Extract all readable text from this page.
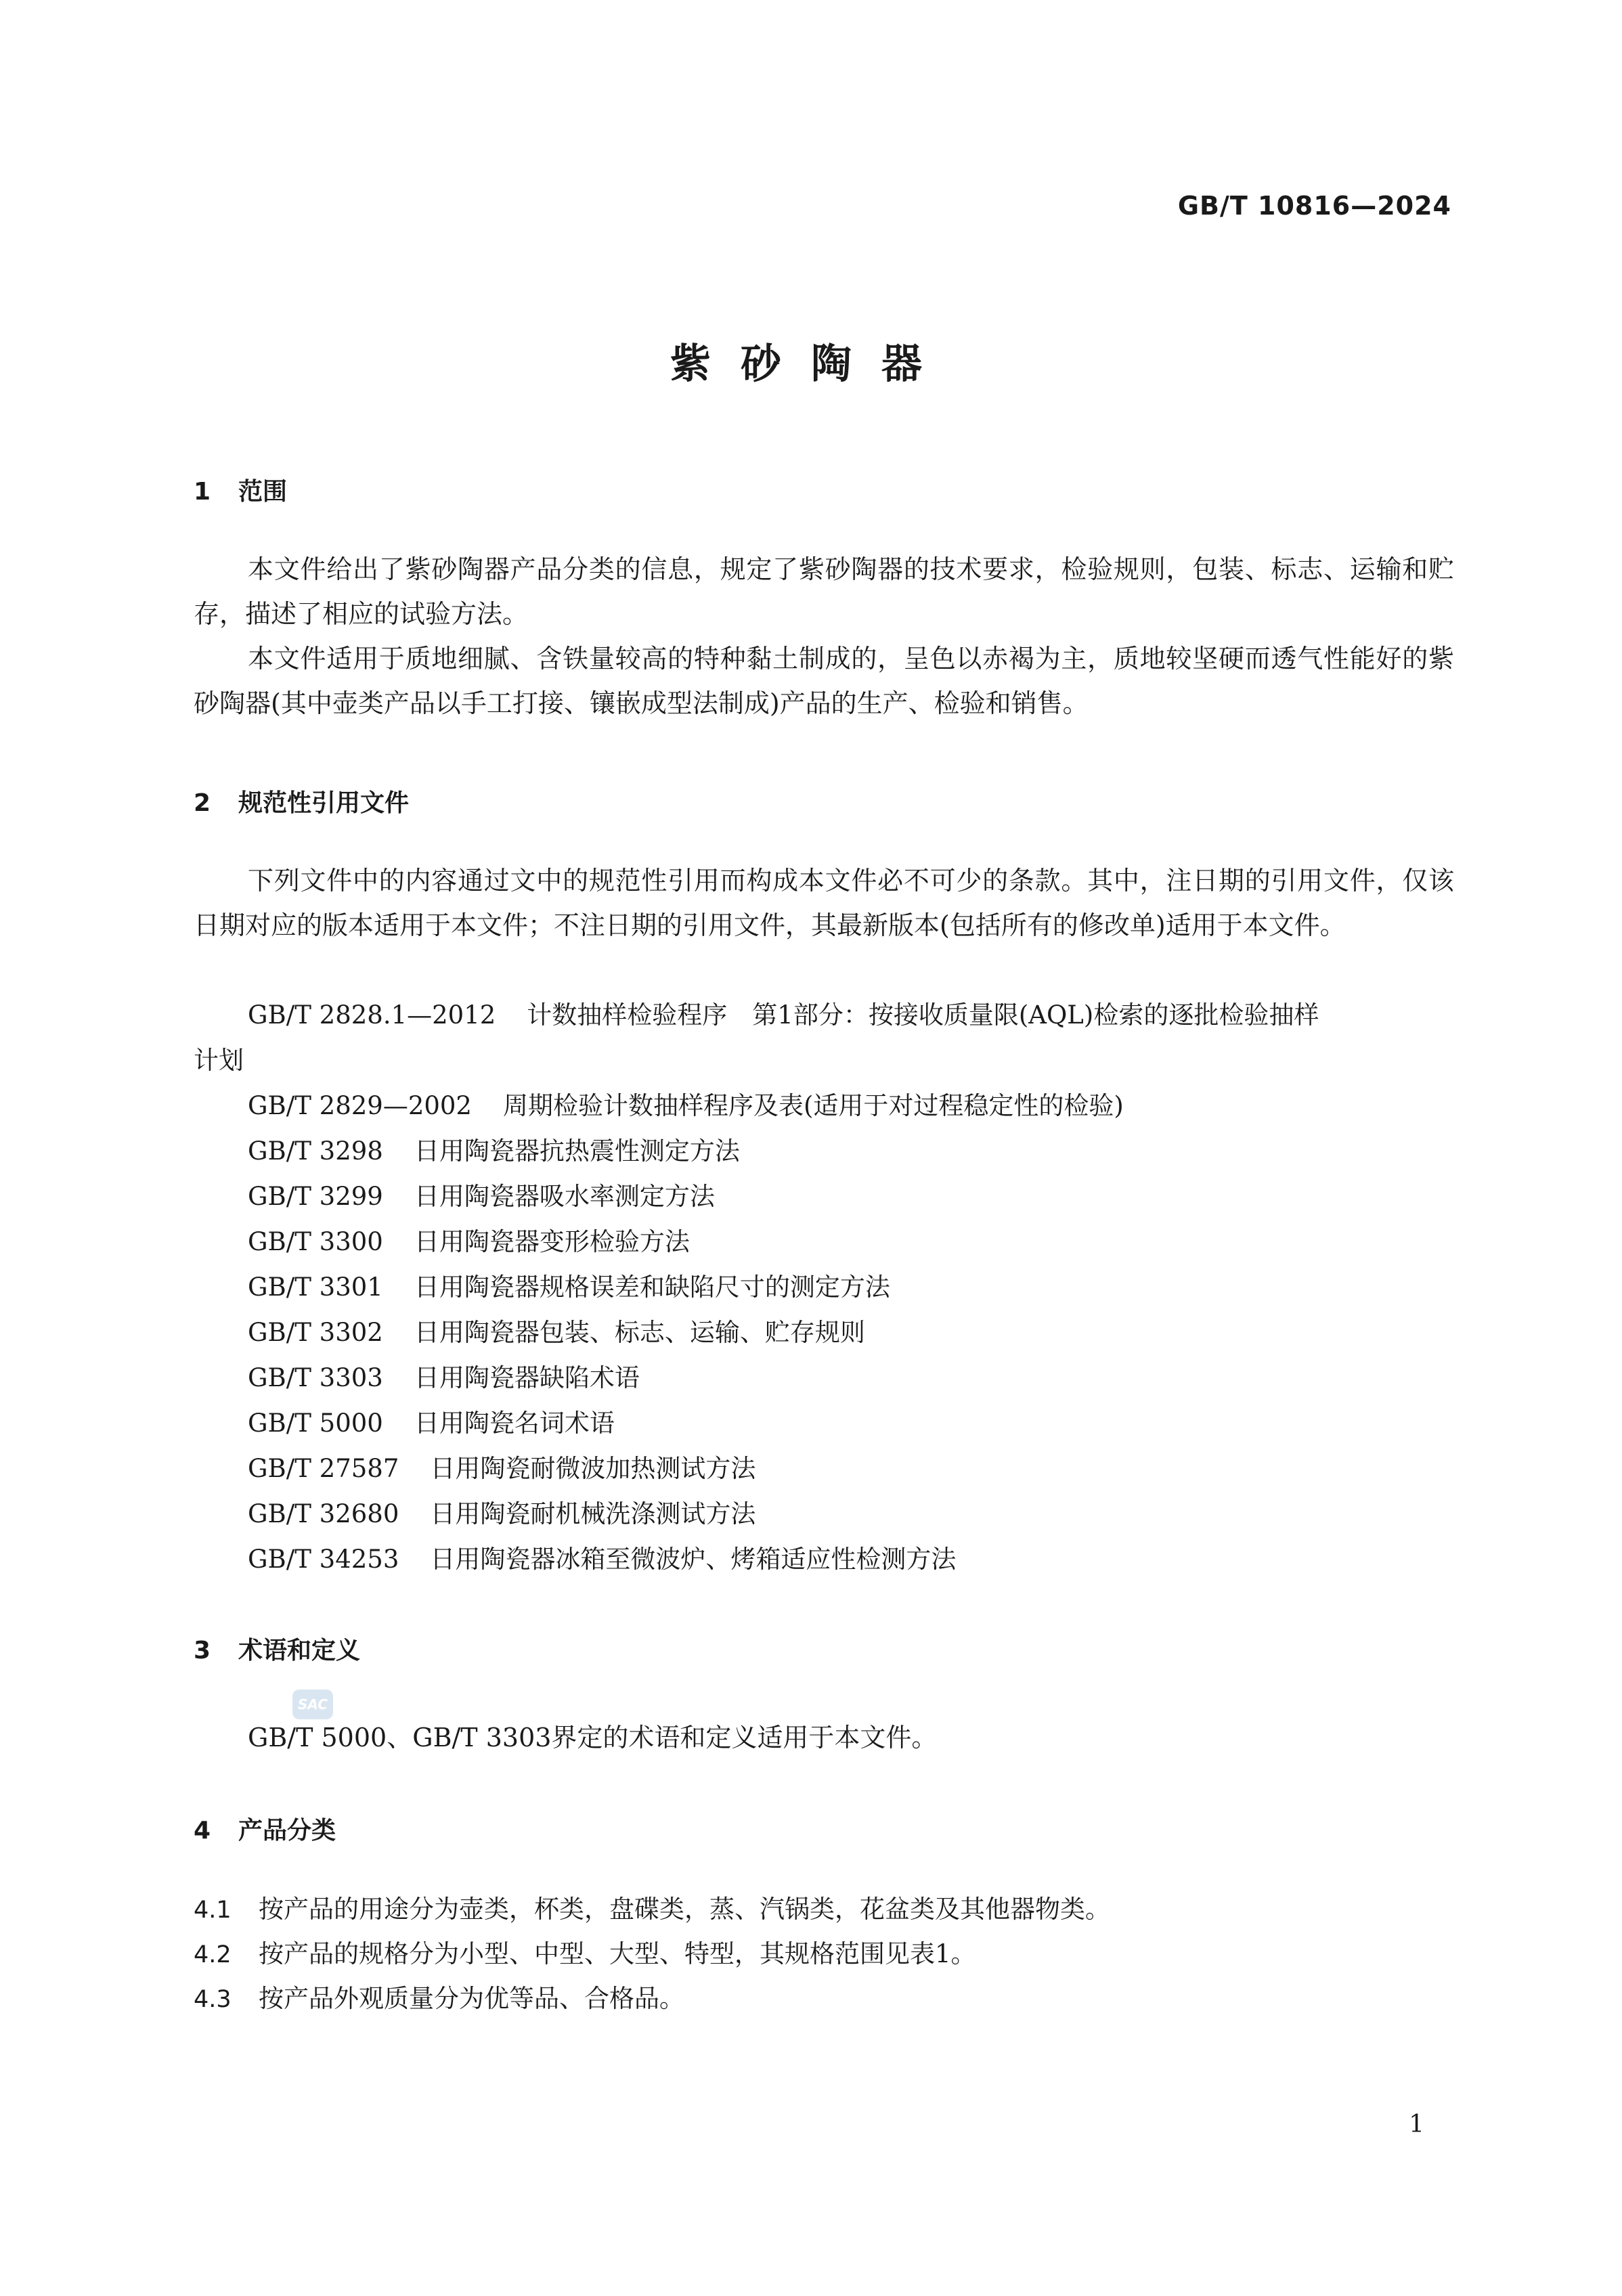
GB/T 10816—2024
紫砂陶器
1	范围

本文件给出了紫砂陶器产品分类的信息，规定了紫砂陶器的技术要求，检验规则，包装、标志、运输和贮存，描述了相应的试验方法。

本文件适用于质地细腻、含铁量较高的特种黏土制成的，呈色以赤褐为主，质地较坚硬而透气性能好的紫砂陶器(其中壶类产品以手工打接、镶嵌成型法制成)产品的生产、检验和销售。

2	规范性引用文件

下列文件中的内容通过文中的规范性引用而构成本文件必不可少的条款。其中，注日期的引用文件，仅该日期对应的版本适用于本文件；不注日期的引用文件，其最新版本(包括所有的修改单)适用于本文件。

GB/T 2828.1—2012 计数抽样检验程序　第1部分：按接收质量限(AQL)检索的逐批检验抽样
计划
GB/T 2829—2002 周期检验计数抽样程序及表(适用于对过程稳定性的检验)
GB/T 3298 日用陶瓷器抗热震性测定方法
GB/T 3299 日用陶瓷器吸水率测定方法
GB/T 3300 日用陶瓷器变形检验方法
GB/T 3301 日用陶瓷器规格误差和缺陷尺寸的测定方法
GB/T 3302 日用陶瓷器包装、标志、运输、贮存规则
GB/T 3303 日用陶瓷器缺陷术语
GB/T 5000 日用陶瓷名词术语
GB/T 27587 日用陶瓷耐微波加热测试方法
GB/T 32680 日用陶瓷耐机械洗涤测试方法
GB/T 34253 日用陶瓷器冰箱至微波炉、烤箱适应性检测方法
3	术语和定义
SAC

GB/T 5000、GB/T 3303界定的术语和定义适用于本文件。

4	产品分类
4.1	按产品的用途分为壶类，杯类，盘碟类，蒸、汽锅类，花盆类及其他器物类。
4.2	按产品的规格分为小型、中型、大型、特型，其规格范围见表1。
4.3	按产品外观质量分为优等品、合格品。
1
